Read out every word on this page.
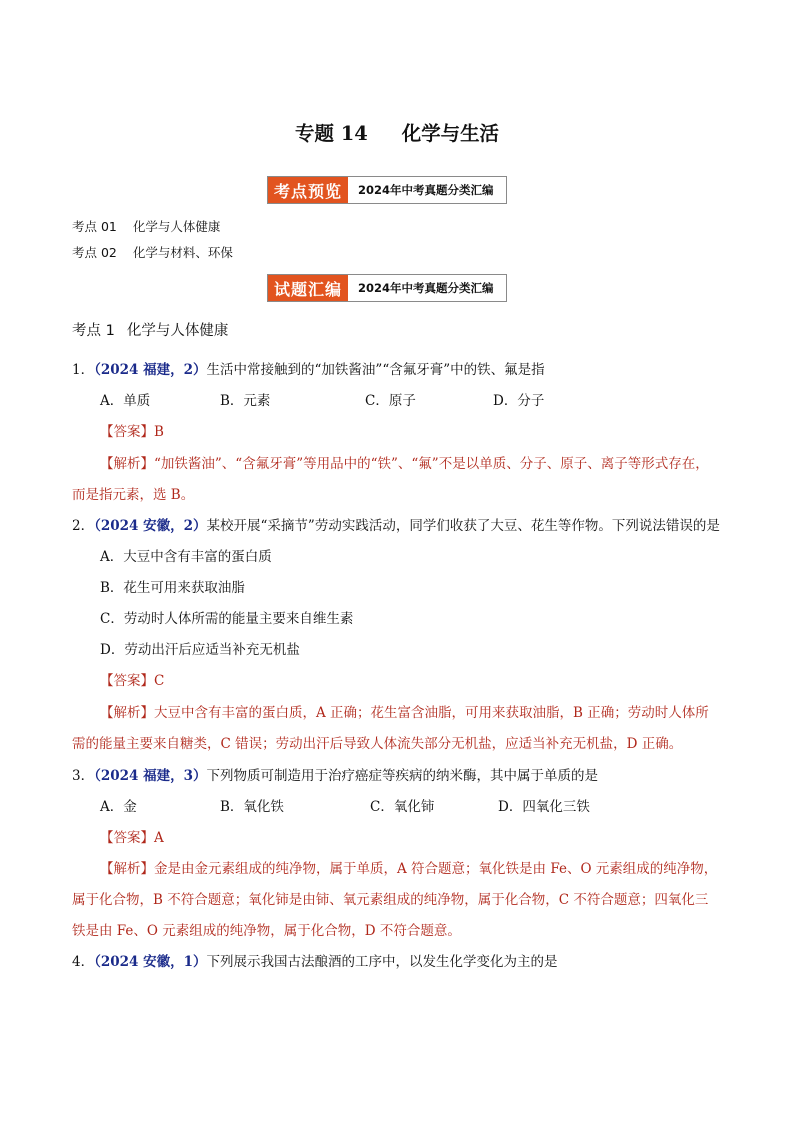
专题 14 化学与生活
考点预览	2024年中考真题分类汇编
考点 01 化学与人体健康
考点 02 化学与材料、环保
试题汇编	2024年中考真题分类汇编
考点 1 化学与人体健康
1．（2024 福建，2）生活中常接触到的“加铁酱油”“含氟牙膏”中的铁、氟是指
A．单质	B．元素	C．原子	D．分子
【答案】B
【解析】“加铁酱油”、“含氟牙膏”等用品中的“铁”、“氟”不是以单质、分子、原子、离子等形式存在，
而是指元素，选 B。
2．（2024 安徽，2）某校开展“采摘节”劳动实践活动，同学们收获了大豆、花生等作物。下列说法错误的是
A．大豆中含有丰富的蛋白质
B．花生可用来获取油脂
C．劳动时人体所需的能量主要来自维生素
D．劳动出汗后应适当补充无机盐
【答案】C
【解析】大豆中含有丰富的蛋白质，A 正确；花生富含油脂，可用来获取油脂，B 正确；劳动时人体所
需的能量主要来自糖类，C 错误；劳动出汗后导致人体流失部分无机盐，应适当补充无机盐，D 正确。
3．（2024 福建，3）下列物质可制造用于治疗癌症等疾病的纳米酶，其中属于单质的是
A．金	B．氧化铁	C．氧化铈	D．四氧化三铁
【答案】A
【解析】金是由金元素组成的纯净物，属于单质，A 符合题意；氧化铁是由 Fe、O 元素组成的纯净物，
属于化合物，B 不符合题意；氧化铈是由铈、氧元素组成的纯净物，属于化合物，C 不符合题意；四氧化三
铁是由 Fe、O 元素组成的纯净物，属于化合物，D 不符合题意。
4．（2024 安徽，1）下列展示我国古法酿酒的工序中，以发生化学变化为主的是
